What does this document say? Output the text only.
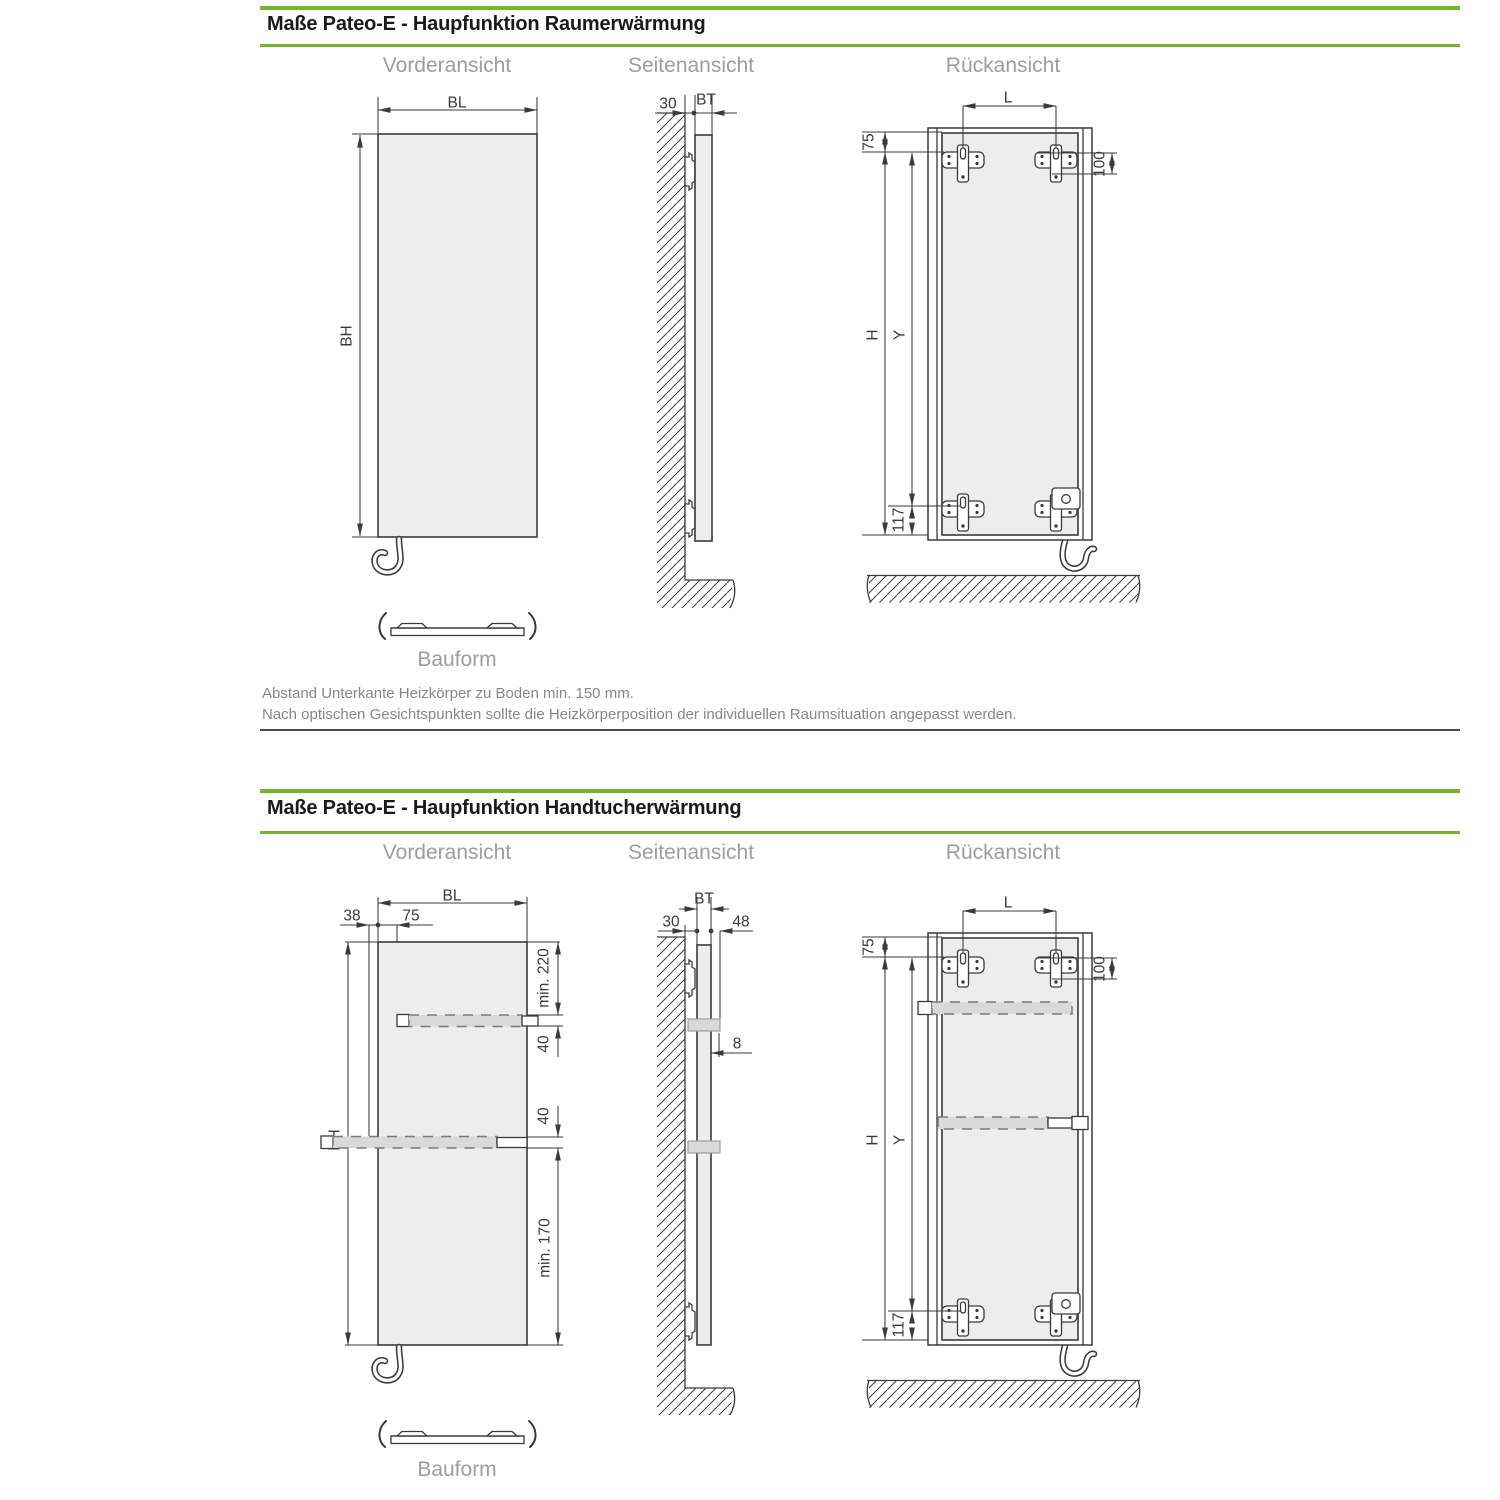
BL
BH
30 BT	L
75
H Y
117
100
BL
38	75
min. 220
40
40
min. 170
BT
30	48
8
L
75
H Y
117
100
Maße Pateo-E - Haupfunktion Raumerwärmung
Vorderansicht	Seitenansicht	Rückansicht
Bauform
Abstand Unterkante Heizkörper zu Boden min. 150 mm.
Nach optischen Gesichtspunkten sollte die Heizkörperposition der individuellen Raumsituation angepasst werden.
Maße Pateo-E - Haupfunktion Handtucherwärmung
Vorderansicht	Seitenansicht	Rückansicht
Bauform
